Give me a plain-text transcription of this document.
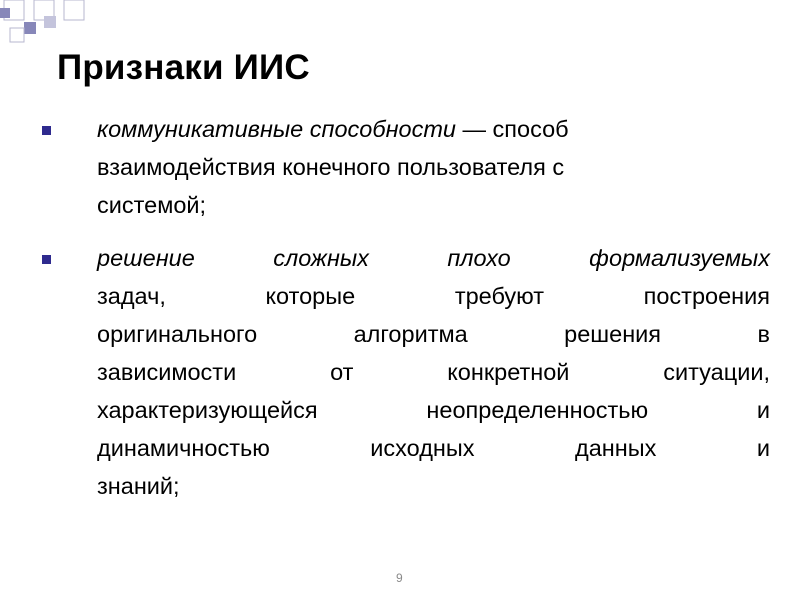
Признаки ИИС
коммуникативные способности — способ
взаимодействия конечного пользователя с
системой;
решение	сложных	плохо	формализуемых
задач,	которые	требуют	построения
оригинального	алгоритма	решения	в
зависимости	от	конкретной	ситуации,
характеризующейся	неопределенностью	и
динамичностью	исходных	данных	и
знаний;
9
